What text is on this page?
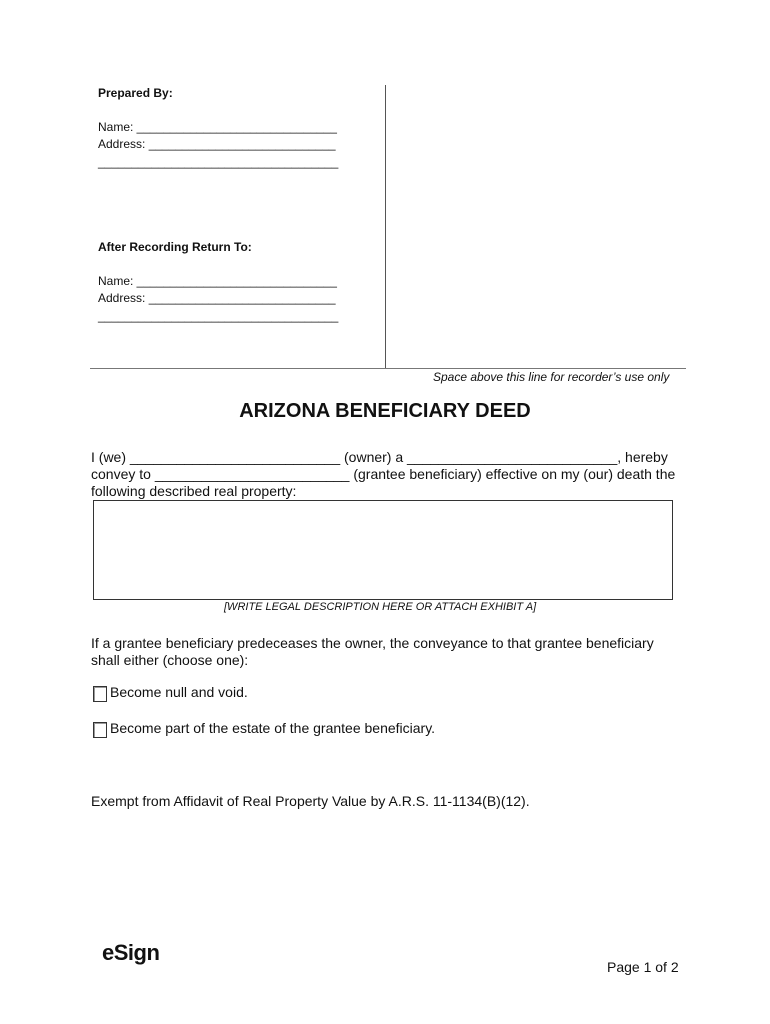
Prepared By:
Name: ______________________________
Address: ____________________________
____________________________________
After Recording Return To:
Name: ______________________________
Address: ____________________________
____________________________________
Space above this line for recorder’s use only
ARIZONA BENEFICIARY DEED
I (we) ___________________________ (owner) a ___________________________, hereby
convey to _________________________ (grantee beneficiary) effective on my (our) death the
following described real property:
[WRITE LEGAL DESCRIPTION HERE OR ATTACH EXHIBIT A]
If a grantee beneficiary predeceases the owner, the conveyance to that grantee beneficiary
shall either (choose one):
Become null and void.
Become part of the estate of the grantee beneficiary.
Exempt from Affidavit of Real Property Value by A.R.S. 11-1134(B)(12).
eSign
Page 1 of 2
